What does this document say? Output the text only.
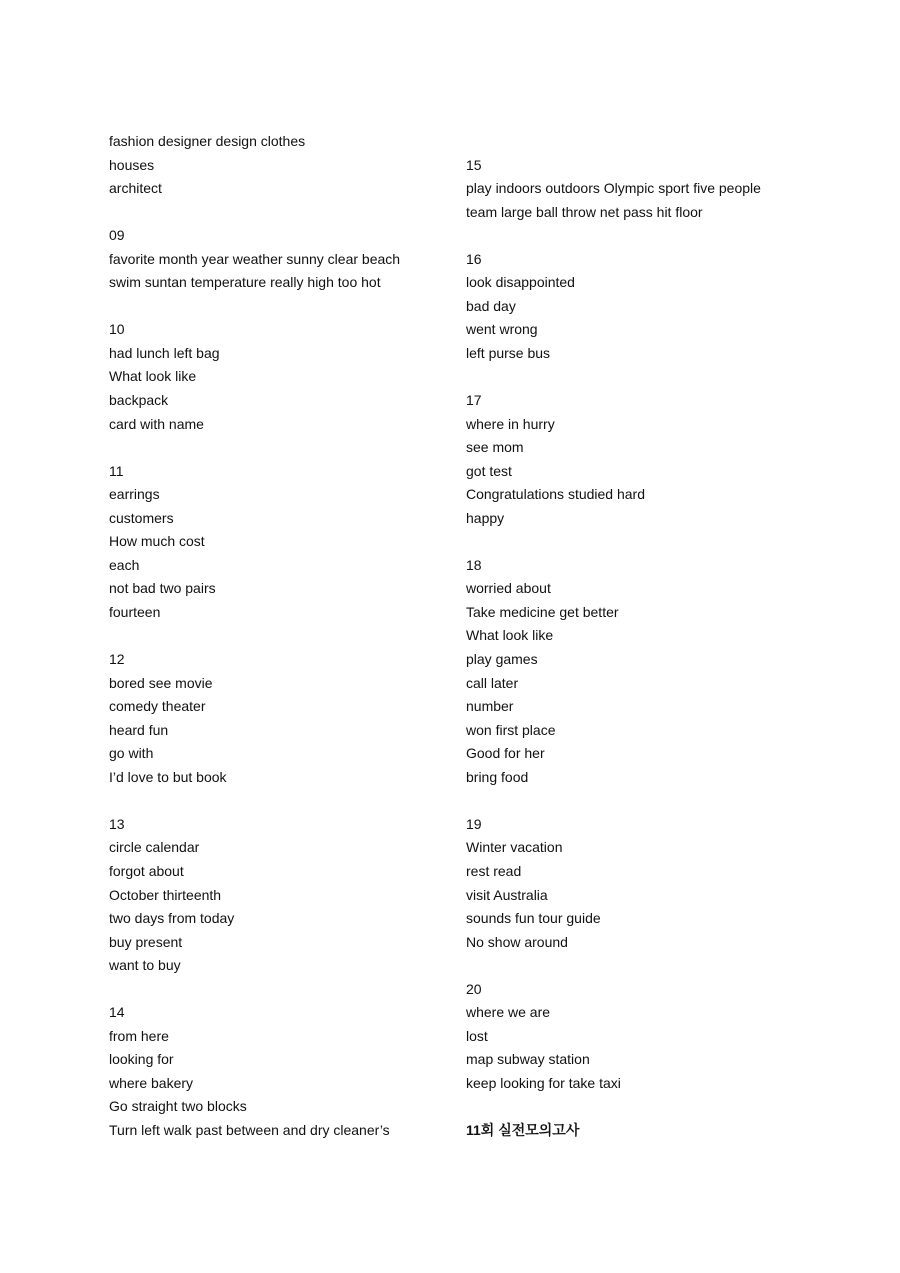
fashion designer design clothes
houses
architect
09
favorite month year weather sunny clear beach
swim suntan temperature really high too hot
10
had lunch left bag
What look like
backpack
card with name
11
earrings
customers
How much cost
each
not bad two pairs
fourteen
12
bored see movie
comedy theater
heard fun
go with
I’d love to but book
13
circle calendar
forgot about
October thirteenth
two days from today
buy present
want to buy
14
from here
looking for
where bakery
Go straight two blocks
Turn left walk past between and dry cleaner’s
15
play indoors outdoors Olympic sport five people
team large ball throw net pass hit floor
16
look disappointed
bad day
went wrong
left purse bus
17
where in hurry
see mom
got test
Congratulations studied hard
happy
18
worried about
Take medicine get better
What look like
play games
call later
number
won first place
Good for her
bring food
19
Winter vacation
rest read
visit Australia
sounds fun tour guide
No show around
20
where we are
lost
map subway station
keep looking for take taxi
11회 실전모의고사
